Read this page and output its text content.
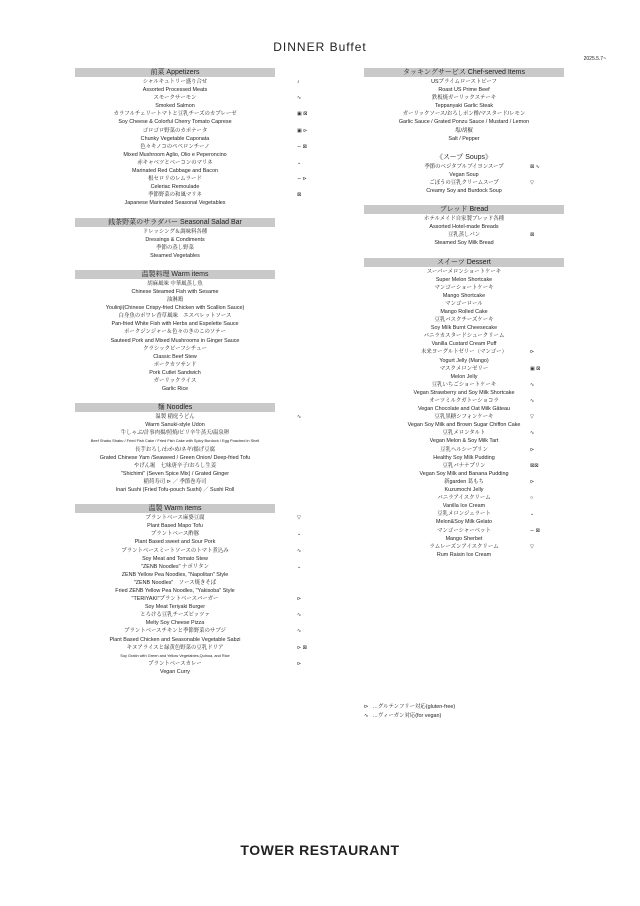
DINNER Buffet
2025.5.7~
前菜 Appetizers
シャルキュトリー盛り合せ	♪
Assorted Processed Meats
スモークサーモン	∿
Smoked Salmon
カラフルチェリートマトと豆乳チーズのカプレーゼ	▣ ⊠
Soy Cheese & Colorful Cherry Tomato Caprese
ゴロゴロ野菜のカポナータ	▣ ⊳
Chunky Vegetable Caponata
色々キノコのペペロンチーノ	∼ ⊠
Mixed Mushroom Aglio, Olio e Peperoncino
赤キャベツとベーコンのマリネ	⌄
Marinated Red Cabbage and Bacon
根セロリのレムラード	∼ ⊳
Celeriac Remoulade
季節野菜の和風マリネ	⊠
Japanese Marinated Seasonal Vegetables
銭茶野菜のサラダバー Seasonal Salad Bar
ドレッシング＆調味料各種
Dressings & Condiments
季節の蒸し野菜
Steamed Vegetables
温製料理 Warm items
胡麻風味 中華風蒸し魚
Chinese Steamed Fish with Sesame
油淋鶏
Youlinji(Chinese Crispy-fried Chicken with Scallion Sauce)
白身魚のポワレ香草風味　エスペレットソース
Pan-fried White Fish with Herbs and Espelette Sauce
ポークジンジャー＆色々のきのこのソテー
Sauteed Pork and Mixed Mushrooms in Ginger Sauce
クラシックビーフシチュー
Classic Beef Stew
ポークカツサンド
Pork Cutlet Sandwich
ガーリックライス
Garlic Rice
麺 Noodles
温製 稲庭うどん	∿
Warm Sanuki-style Udon
牛しゃぶ/計事肉揚/照焼/ピリ辛牛蒸天/温泉卵
Beef Shabu Shabu / Fried Fish Cake / Fried Fish Cake with Spicy Burdock / Egg Poached in Shell
長芋おろし/わかめ/ネギ/揚げ豆腐
Grated Chinese Yam /Seaweed / Green Onion/ Deep-fried Tofu
やげん堀　七味唐辛子/おろし生姜
"Shichimi" (Seven Spice Mix) / Grated Ginger
稲荷寿司 ⊳ ／ 季節巻寿司
Inari Sushi (Fried Tofu-pouch Sushi) ／ Sushi Roll
温製 Warm items
プラントベース麻婆豆腐	▽
Plant Based Mapo Tofu
プラントベース酢豚	⌄
Plant Based sweet and Sour Pork
プラントベースミートソースのトマト煮込み	∿
Soy Meat and Tomato Stew
"ZENB Noodles" ナポリタン	⌄
ZENB Yellow Pea Noodles, "Napolitan" Style
"ZENB Noodles"　ソース焼きそば
Fried ZENB Yellow Pea Noodles, "Yakisoba" Style
"TERIYAKI"プラントベースバーガー	⊳
Soy Meat Teriyaki Burger
とろける豆乳チーズピッツァ	∿
Melty Soy Cheese Pizza
プラントベースチキンと季節野菜のサブジ	∿
Plant Based Chicken and Seasonable Vegetable Sabzi
キヌアライスと緑黄色野菜の豆乳ドリア	⊳ ⊠
Soy Gratin with Green and Yellow Vegetables,Quinoa, and Rice
プラントベースカレー	⊳
Vegan Curry
タッキングサービス Chef-served Items
USプライムローストビーフ
Roast US Prime Beef
鉄板焼ガーリックステーキ
Teppanyaki Garlic Steak
ガーリックソース/おろしポン酢/マスタード/レモン
Garlic Sauce / Grated Ponzu Sauce / Mustard / Lemon
塩/胡椒
Salt / Pepper
《スープ Soups》
季節のベジタブルブイヨンスープ	⊠ ∿
Vegan Soup
ごぼうの豆乳クリームスープ	▽
Creamy Soy and Burdock Soup
ブレッド Bread
ホテルメイド自家製ブレッド各種
Assorted Hotel-made Breads
豆乳蒸しパン	⊠
Steamed Soy Milk Bread
スイーツ Dessert
スーパーメロンショートケーキ
Super Melon Shortcake
マンゴーショートケーキ
Mango Shortcake
マンゴーロール
Mango Rolled Cake
豆乳バスクチーズケーキ
Soy Milk Burnt Cheesecake
バニラカスタードシュークリーム
Vanilla Custard Cream Puff
未来ヨーグルトゼリー（マンゴー）	⊳
Yogurt Jelly (Mango)
マスクメロンゼリー	▣ ⊠
Melon Jelly
豆乳いちごショートケーキ	∿
Vegan Strawberry and Soy Milk Shortcake
オーツミルクガトーショコラ	∿
Vegan Chocolate and Oat Milk Gâteau
豆乳黒糖シフォンケーキ	▽
Vegan Soy Milk and Brown Sugar Chiffon Cake
豆乳メロンタルト	∿
Vegan Melon & Soy Milk Tart
豆乳ヘルシープリン	⊳
Healthy Soy Milk Pudding
豆乳バナナプリン	⊠⊠
Vegan Soy Milk and Banana Pudding
新garden 葛もち	⊳
Kuzumochi Jelly
バニラアイスクリーム	○
Vanilla Ice Cream
豆乳メロンジェラート	⌄
Melon&Soy Milk Gelato
マンゴーシャーベット	∼ ⊠
Mango Sherbet
ラムレーズンアイスクリーム	▽
Rum Raisin Ice Cream
⊳ …グルテンフリー対応(gluten-free)
∿ …ヴィーガン対応(for vegan)
TOWER RESTAURANT
